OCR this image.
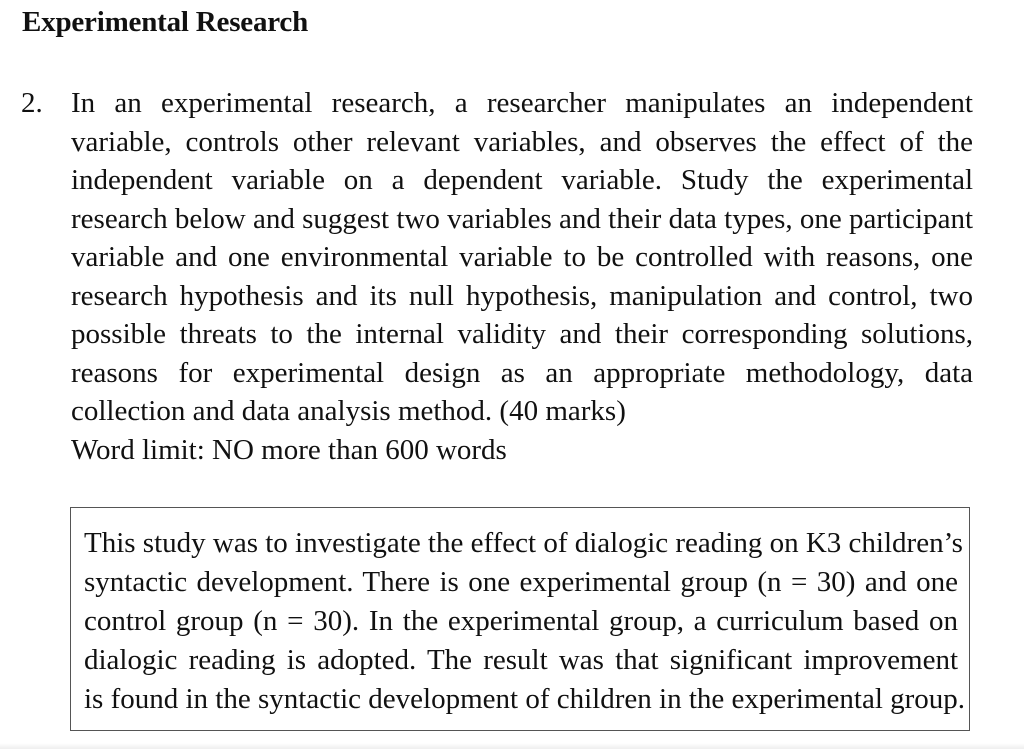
Experimental Research

2. In an experimental research, a researcher manipulates an independent
variable, controls other relevant variables, and observes the effect of the
independent variable on a dependent variable. Study the experimental
research below and suggest two variables and their data types, one participant
variable and one environmental variable to be controlled with reasons, one
research hypothesis and its null hypothesis, manipulation and control, two
possible threats to the internal validity and their corresponding solutions,
reasons for experimental design as an appropriate methodology, data
collection and data analysis method. (40 marks)
Word limit: NO more than 600 words
This study was to investigate the effect of dialogic reading on K3 children’s
syntactic development. There is one experimental group (n = 30) and one
control group (n = 30). In the experimental group, a curriculum based on
dialogic reading is adopted. The result was that significant improvement
is found in the syntactic development of children in the experimental group.
